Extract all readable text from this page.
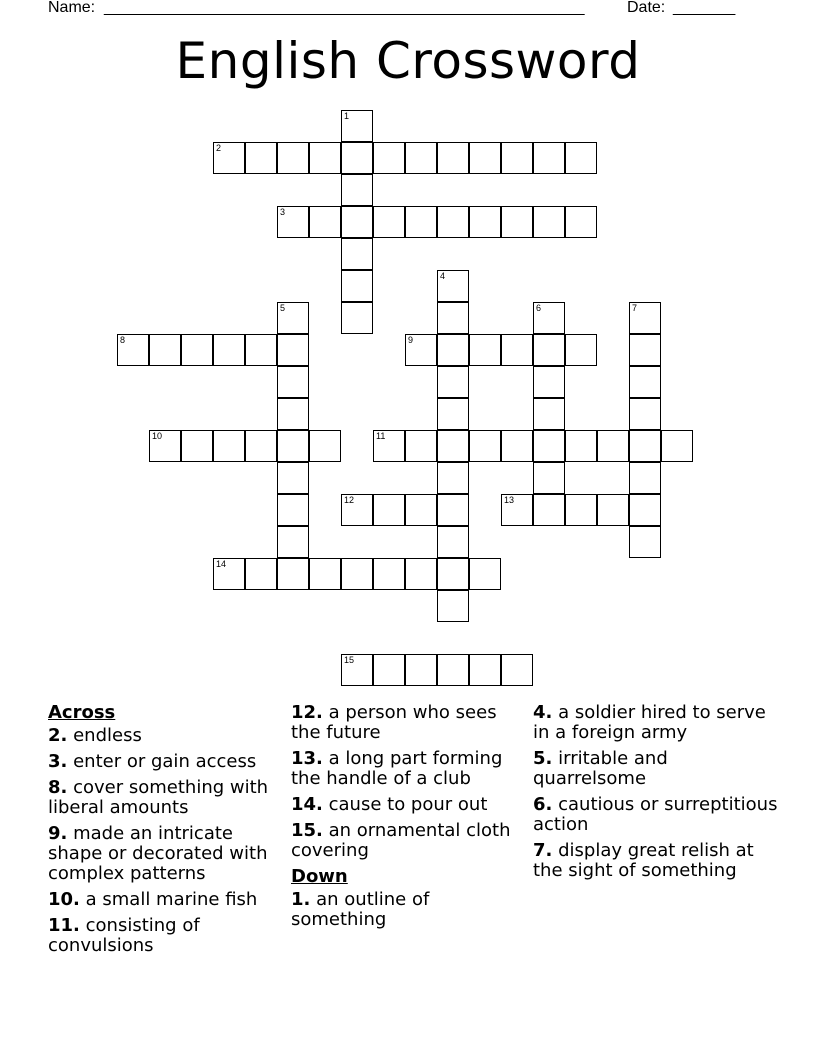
Name: ______________________________________________________	Date: _______
English Crossword
1
2
3
4
5	6	7
8	9
10	11
12	13
14
15
Across
2. endless
3. enter or gain access
8. cover something with liberal amounts
9. made an intricate shape or decorated with complex patterns
10. a small marine fish
11. consisting of convulsions
12. a person who sees the future
13. a long part forming the handle of a club
14. cause to pour out
15. an ornamental cloth covering
Down
1. an outline of something
4. a soldier hired to serve in a foreign army
5. irritable and quarrelsome
6. cautious or surreptitious action
7. display great relish at the sight of something
